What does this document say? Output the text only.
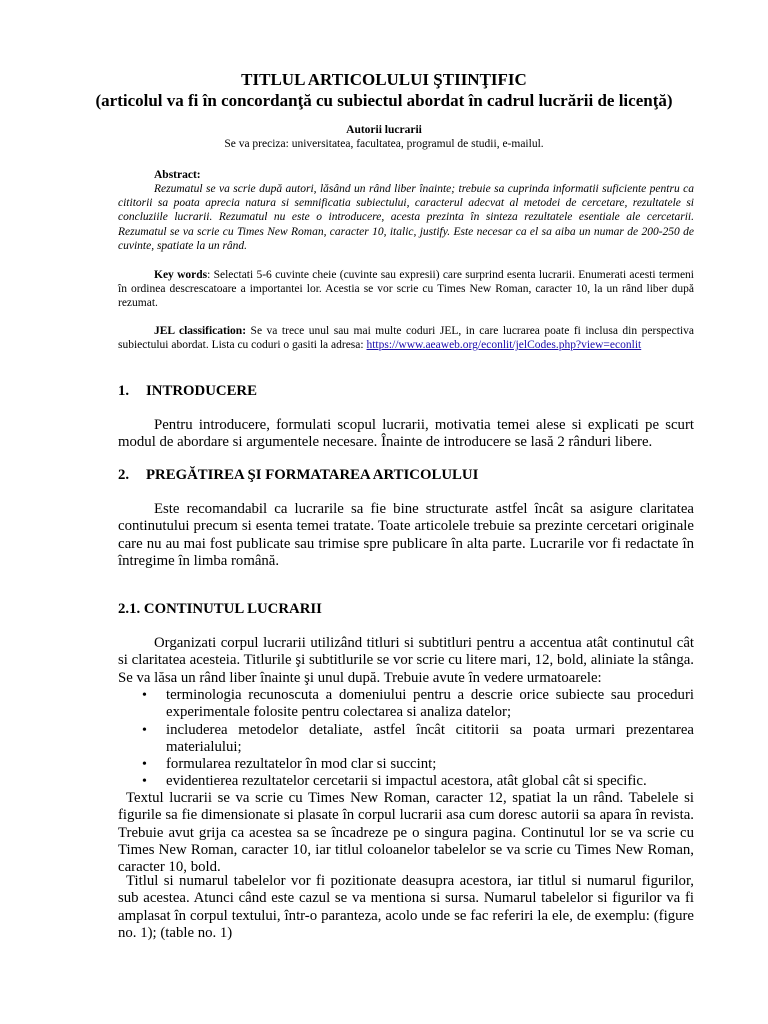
TITLUL ARTICOLULUI ŞTIINŢIFIC
(articolul va fi în concordanţă cu subiectul abordat în cadrul lucrării de licenţă)
Autorii lucrarii
Se va preciza: universitatea, facultatea, programul de studii, e-mailul.

Abstract:

Rezumatul se va scrie după autori, lăsând un rând liber înainte; trebuie sa cuprinda informatii suficiente pentru ca cititorii sa poata aprecia natura si semnificatia subiectului, caracterul adecvat al metodei de cercetare, rezultatele si concluziile lucrarii. Rezumatul nu este o introducere, acesta prezinta în sinteza rezultatele esentiale ale cercetarii. Rezumatul se va scrie cu Times New Roman, caracter 10, italic, justify. Este necesar ca el sa aiba un numar de 200-250 de cuvinte, spatiate la un rând.

Key words: Selectati 5-6 cuvinte cheie (cuvinte sau expresii) care surprind esenta lucrarii. Enumerati acesti termeni în ordinea descrescatoare a importantei lor. Acestia se vor scrie cu Times New Roman, caracter 10, la un rând liber după rezumat.

JEL classification: Se va trece unul sau mai multe coduri JEL, in care lucrarea poate fi inclusa din perspectiva subiectului abordat. Lista cu coduri o gasiti la adresa: https://www.aeaweb.org/econlit/jelCodes.php?view=econlit

1. INTRODUCERE

Pentru introducere, formulati scopul lucrarii, motivatia temei alese si explicati pe scurt modul de abordare si argumentele necesare. Înainte de introducere se lasă 2 rânduri libere.

2. PREGĂTIREA ŞI FORMATAREA ARTICOLULUI

Este recomandabil ca lucrarile sa fie bine structurate astfel încât sa asigure claritatea continutului precum si esenta temei tratate. Toate articolele trebuie sa prezinte cercetari originale care nu au mai fost publicate sau trimise spre publicare în alta parte. Lucrarile vor fi redactate în întregime în limba română.

2.1. CONTINUTUL LUCRARII

Organizati corpul lucrarii utilizând titluri si subtitluri pentru a accentua atât continutul cât si claritatea acesteia. Titlurile şi subtitlurile se vor scrie cu litere mari, 12, bold, aliniate la stânga. Se va lăsa un rând liber înainte şi unul după. Trebuie avute în vedere urmatoarele:

• terminologia recunoscuta a domeniului pentru a descrie orice subiecte sau proceduri experimentale folosite pentru colectarea si analiza datelor;
• includerea metodelor detaliate, astfel încât cititorii sa poata urmari prezentarea materialului;
• formularea rezultatelor în mod clar si succint;
• evidentierea rezultatelor cercetarii si impactul acestora, atât global cât si specific.

Textul lucrarii se va scrie cu Times New Roman, caracter 12, spatiat la un rând. Tabelele si figurile sa fie dimensionate si plasate în corpul lucrarii asa cum doresc autorii sa apara în revista. Trebuie avut grija ca acestea sa se încadreze pe o singura pagina. Continutul lor se va scrie cu Times New Roman, caracter 10, iar titlul coloanelor tabelelor se va scrie cu Times New Roman, caracter 10, bold.

Titlul si numarul tabelelor vor fi pozitionate deasupra acestora, iar titlul si numarul figurilor, sub acestea. Atunci când este cazul se va mentiona si sursa. Numarul tabelelor si figurilor va fi amplasat în corpul textului, într-o paranteza, acolo unde se fac referiri la ele, de exemplu: (figure no. 1); (table no. 1)
